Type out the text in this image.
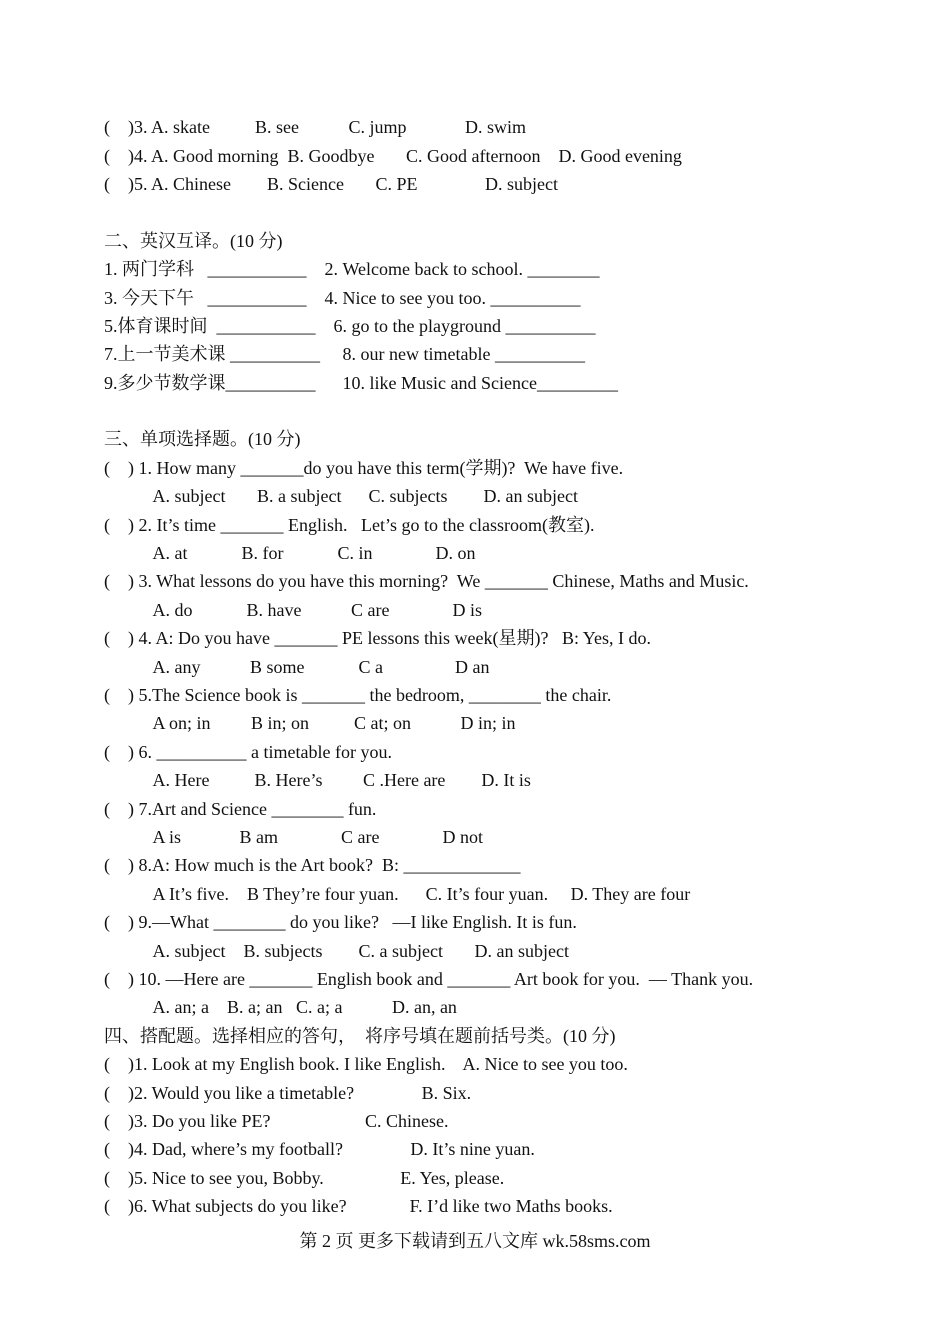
(    )3. A. skate          B. see           C. jump             D. swim
(    )4. A. Good morning  B. Goodbye       C. Good afternoon    D. Good evening
(    )5. A. Chinese        B. Science       C. PE               D. subject
二、英汉互译。(10 分)
1. 两门学科   ___________    2. Welcome back to school. ________
3. 今天下午   ___________    4. Nice to see you too. __________
5.体育课时间  ___________    6. go to the playground __________
7.上一节美术课 __________     8. our new timetable __________
9.多少节数学课__________      10. like Music and Science_________
三、单项选择题。(10 分)
(    ) 1. How many _______do you have this term(学期)?  We have five.
A. subject       B. a subject      C. subjects        D. an subject
(    ) 2. It’s time _______ English.   Let’s go to the classroom(教室).
A. at            B. for            C. in              D. on
(    ) 3. What lessons do you have this morning?  We _______ Chinese, Maths and Music.
A. do            B. have           C are              D is
(    ) 4. A: Do you have _______ PE lessons this week(星期)?   B: Yes, I do.
A. any           B some            C a                D an
(    ) 5.The Science book is _______ the bedroom, ________ the chair.
A on; in         B in; on          C at; on           D in; in
(    ) 6. __________ a timetable for you.
A. Here          B. Here’s         C .Here are        D. It is
(    ) 7.Art and Science ________ fun.
A is             B am              C are              D not
(    ) 8.A: How much is the Art book?  B: _____________
A It’s five.    B They’re four yuan.      C. It’s four yuan.     D. They are four
(    ) 9.—What ________ do you like?   —I like English. It is fun.
A. subject    B. subjects        C. a subject       D. an subject
(    ) 10. —Here are _______ English book and _______ Art book for you.  — Thank you.
A. an; a    B. a; an   C. a; a           D. an, an
四、搭配题。选择相应的答句，  将序号填在题前括号类。(10 分)
(    )1. Look at my English book. I like English.    A. Nice to see you too.
(    )2. Would you like a timetable?               B. Six.
(    )3. Do you like PE?                     C. Chinese.
(    )4. Dad, where’s my football?               D. It’s nine yuan.
(    )5. Nice to see you, Bobby.                 E. Yes, please.
(    )6. What subjects do you like?              F. I’d like two Maths books.
第 2 页 更多下载请到五八文库 wk.58sms.com
